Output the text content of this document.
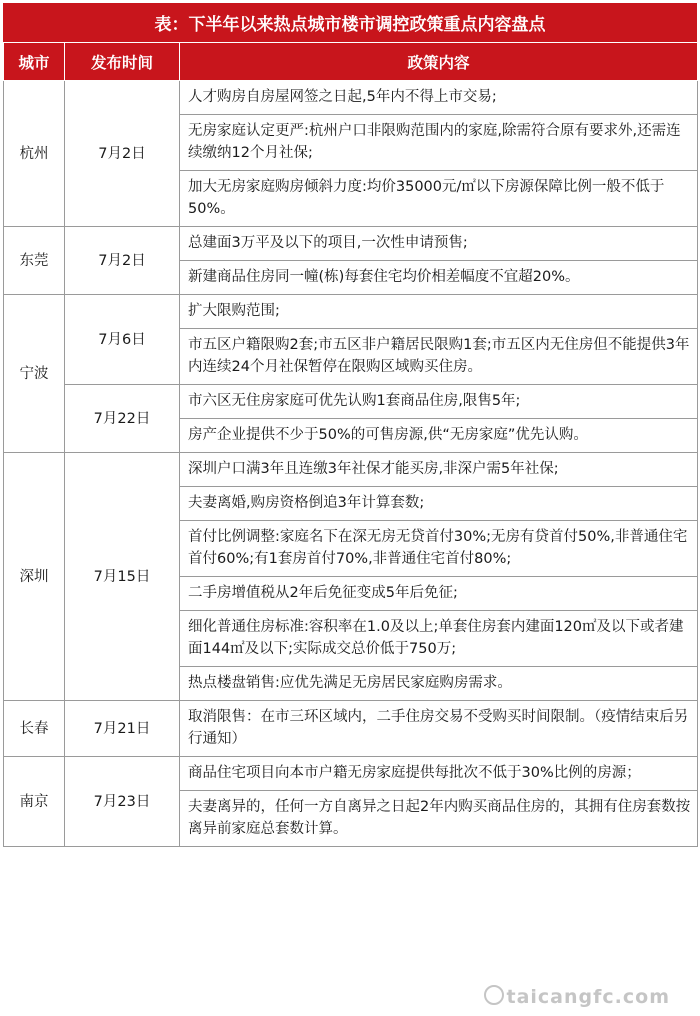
表：下半年以来热点城市楼市调控政策重点内容盘点
城市	发布时间	政策内容
杭州	7月2日	人才购房自房屋网签之日起,5年内不得上市交易;
		无房家庭认定更严:杭州户口非限购范围内的家庭,除需符合原有要求外,还需连续缴纳12个月社保;
		加大无房家庭购房倾斜力度:均价35000元/㎡以下房源保障比例一般不低于50%。
东莞	7月2日	总建面3万平及以下的项目,一次性申请预售;
		新建商品住房同一幢(栋)每套住宅均价相差幅度不宜超20%。
宁波	7月6日	扩大限购范围;
		市五区户籍限购2套;市五区非户籍居民限购1套;市五区内无住房但不能提供3年内连续24个月社保暂停在限购区域购买住房。
	7月22日	市六区无住房家庭可优先认购1套商品住房,限售5年;
		房产企业提供不少于50%的可售房源,供“无房家庭”优先认购。
深圳	7月15日	深圳户口满3年且连缴3年社保才能买房,非深户需5年社保;
		夫妻离婚,购房资格倒追3年计算套数;
		首付比例调整:家庭名下在深无房无贷首付30%;无房有贷首付50%,非普通住宅首付60%;有1套房首付70%,非普通住宅首付80%;
		二手房增值税从2年后免征变成5年后免征;
		细化普通住房标准:容积率在1.0及以上;单套住房套内建面120㎡及以下或者建面144㎡及以下;实际成交总价低于750万;
		热点楼盘销售:应优先满足无房居民家庭购房需求。
长春	7月21日	取消限售：在市三环区域内，二手住房交易不受购买时间限制。（疫情结束后另行通知）
南京	7月23日	商品住宅项目向本市户籍无房家庭提供每批次不低于30%比例的房源；
		夫妻离异的，任何一方自离异之日起2年内购买商品住房的，其拥有住房套数按离异前家庭总套数计算。
taicangfc.com
